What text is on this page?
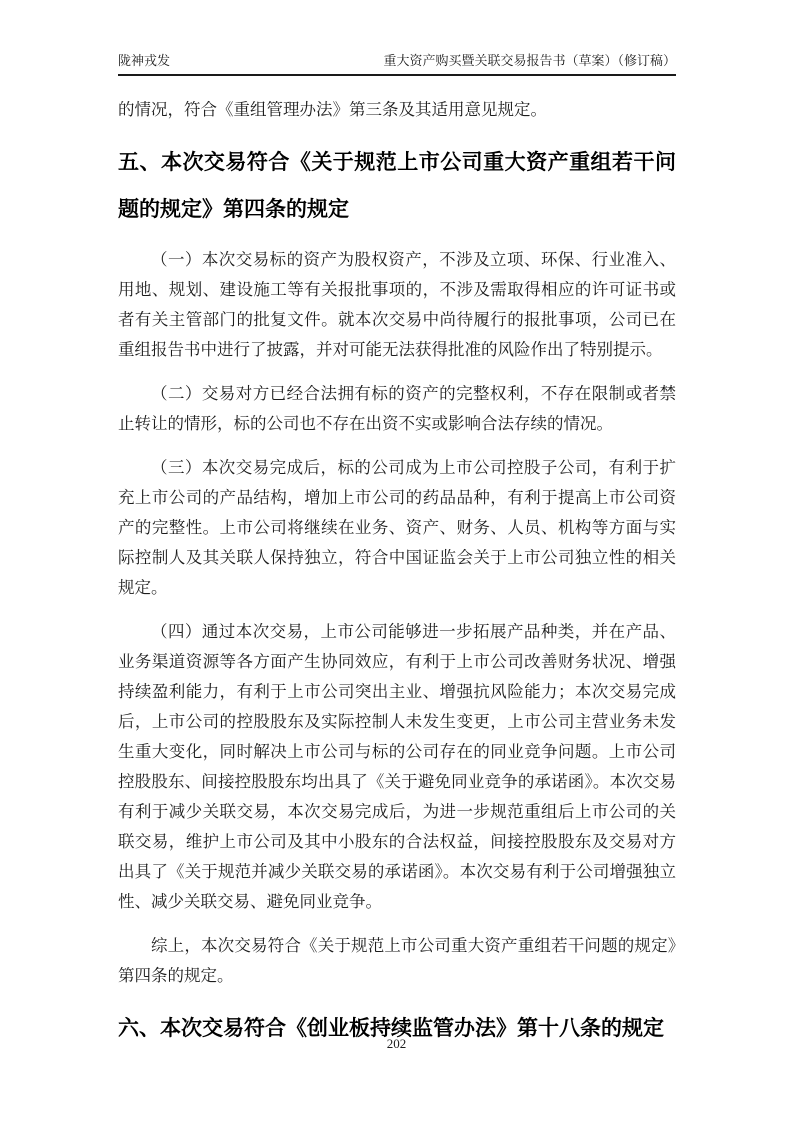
陇神戎发	重大资产购买暨关联交易报告书（草案）（修订稿）

的情况，符合《重组管理办法》第三条及其适用意见规定。

五、本次交易符合《关于规范上市公司重大资产重组若干问题的规定》第四条的规定

（一）本次交易标的资产为股权资产，不涉及立项、环保、行业准入、用地、规划、建设施工等有关报批事项的，不涉及需取得相应的许可证书或者有关主管部门的批复文件。就本次交易中尚待履行的报批事项，公司已在重组报告书中进行了披露，并对可能无法获得批准的风险作出了特别提示。

（二）交易对方已经合法拥有标的资产的完整权利，不存在限制或者禁止转让的情形，标的公司也不存在出资不实或影响合法存续的情况。

（三）本次交易完成后，标的公司成为上市公司控股子公司，有利于扩充上市公司的产品结构，增加上市公司的药品品种，有利于提高上市公司资产的完整性。上市公司将继续在业务、资产、财务、人员、机构等方面与实际控制人及其关联人保持独立，符合中国证监会关于上市公司独立性的相关规定。

（四）通过本次交易，上市公司能够进一步拓展产品种类，并在产品、业务渠道资源等各方面产生协同效应，有利于上市公司改善财务状况、增强持续盈利能力，有利于上市公司突出主业、增强抗风险能力；本次交易完成后，上市公司的控股股东及实际控制人未发生变更，上市公司主营业务未发生重大变化，同时解决上市公司与标的公司存在的同业竞争问题。上市公司控股股东、间接控股股东均出具了《关于避免同业竞争的承诺函》。本次交易有利于减少关联交易，本次交易完成后，为进一步规范重组后上市公司的关联交易，维护上市公司及其中小股东的合法权益，间接控股股东及交易对方出具了《关于规范并减少关联交易的承诺函》。本次交易有利于公司增强独立性、减少关联交易、避免同业竞争。

综上，本次交易符合《关于规范上市公司重大资产重组若干问题的规定》第四条的规定。

六、本次交易符合《创业板持续监管办法》第十八条的规定
202
